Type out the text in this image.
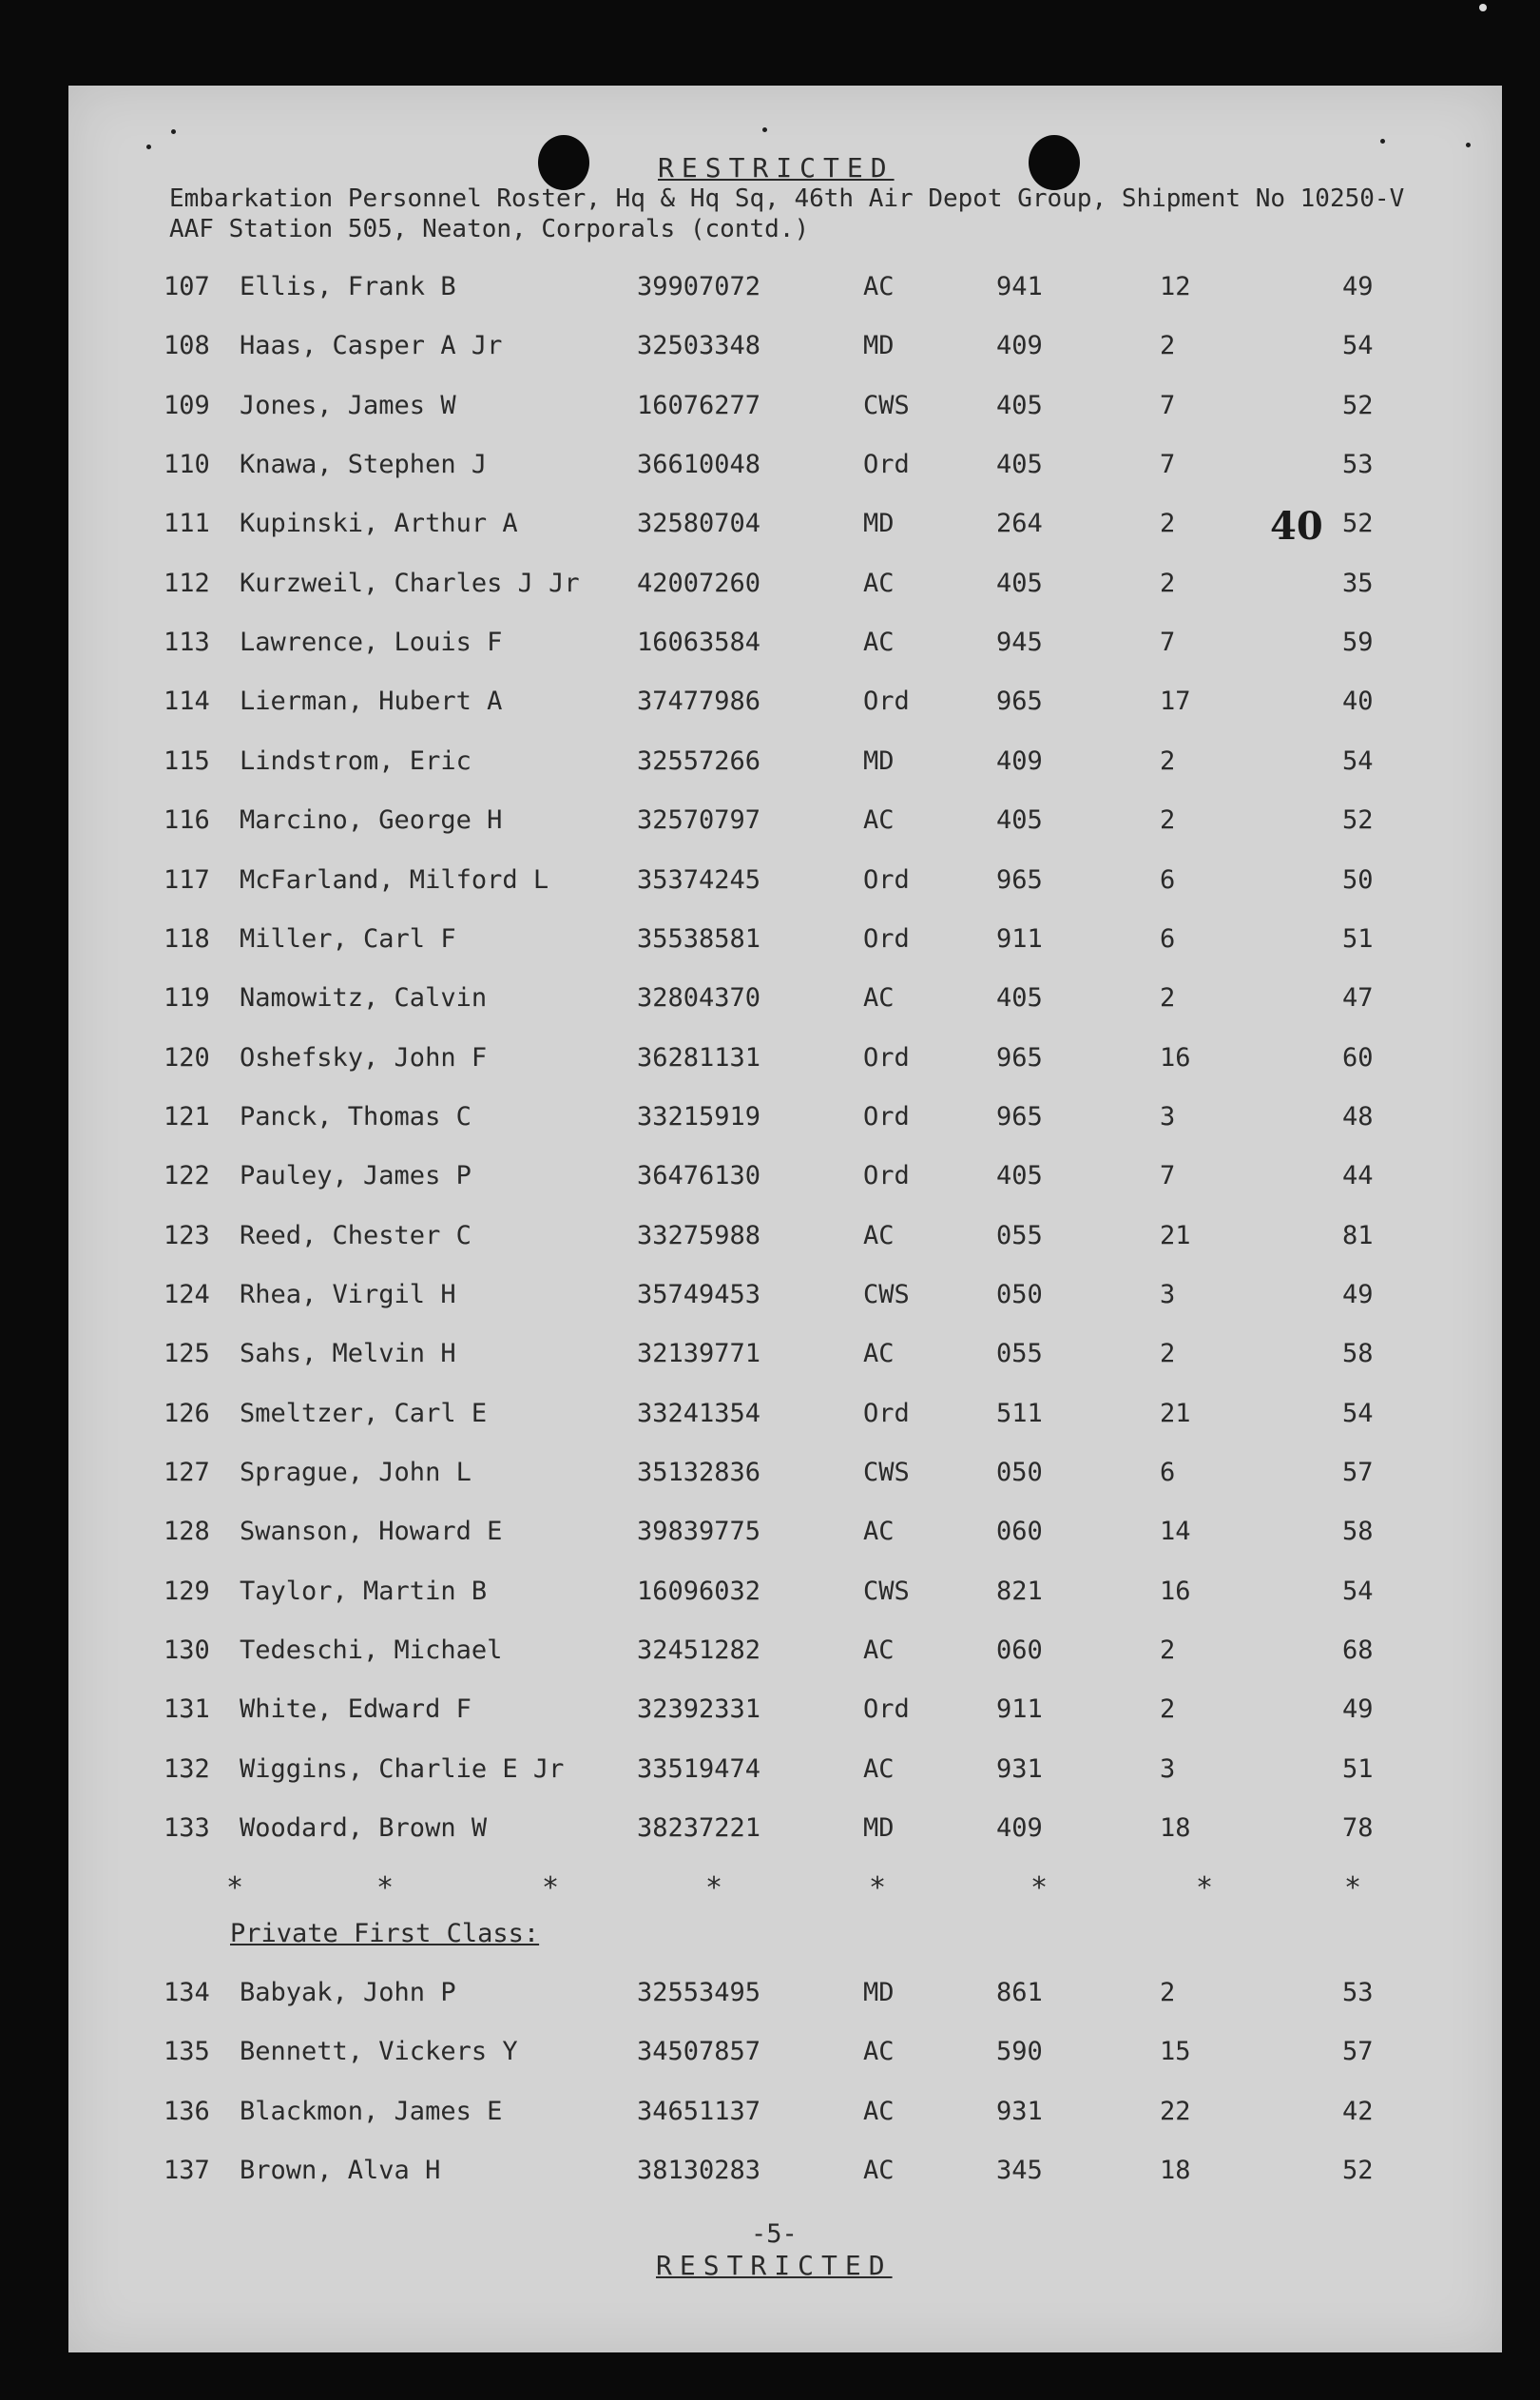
RESTRICTED
Embarkation Personnel Roster, Hq & Hq Sq, 46th Air Depot Group, Shipment No 10250-V
AAF Station 505, Neaton, Corporals (contd.)
40
107 Ellis, Frank B	39907072	AC	941	12	49
108 Haas, Casper A Jr	32503348	MD	409	2	54
109 Jones, James W	16076277	CWS	405	7	52
110 Knawa, Stephen J	36610048	Ord	405	7	53
111 Kupinski, Arthur A	32580704	MD	264	2	52
112 Kurzweil, Charles J Jr 42007260	AC	405	2	35
113 Lawrence, Louis F	16063584	AC	945	7	59
114 Lierman, Hubert A	37477986	Ord	965	17	40
115 Lindstrom, Eric	32557266	MD	409	2	54
116 Marcino, George H	32570797	AC	405	2	52
117 McFarland, Milford L	35374245	Ord	965	6	50
118 Miller, Carl F	35538581	Ord	911	6	51
119 Namowitz, Calvin	32804370	AC	405	2	47
120 Oshefsky, John F	36281131	Ord	965	16	60
121 Panck, Thomas C	33215919	Ord	965	3	48
122 Pauley, James P	36476130	Ord	405	7	44
123 Reed, Chester C	33275988	AC	055	21	81
124 Rhea, Virgil H	35749453	CWS	050	3	49
125 Sahs, Melvin H	32139771	AC	055	2	58
126 Smeltzer, Carl E	33241354	Ord	511	21	54
127 Sprague, John L	35132836	CWS	050	6	57
128 Swanson, Howard E	39839775	AC	060	14	58
129 Taylor, Martin B	16096032	CWS	821	16	54
130 Tedeschi, Michael	32451282	AC	060	2	68
131 White, Edward F	32392331	Ord	911	2	49
132 Wiggins, Charlie E Jr	33519474	AC	931	3	51
133 Woodard, Brown W	38237221	MD	409	18	78
*	*	*	*	*	*	*	*
Private First Class:
134 Babyak, John P	32553495	MD	861	2	53
135 Bennett, Vickers Y	34507857	AC	590	15	57
136 Blackmon, James E	34651137	AC	931	22	42
137 Brown, Alva H	38130283	AC	345	18	52
-5-
RESTRICTED
